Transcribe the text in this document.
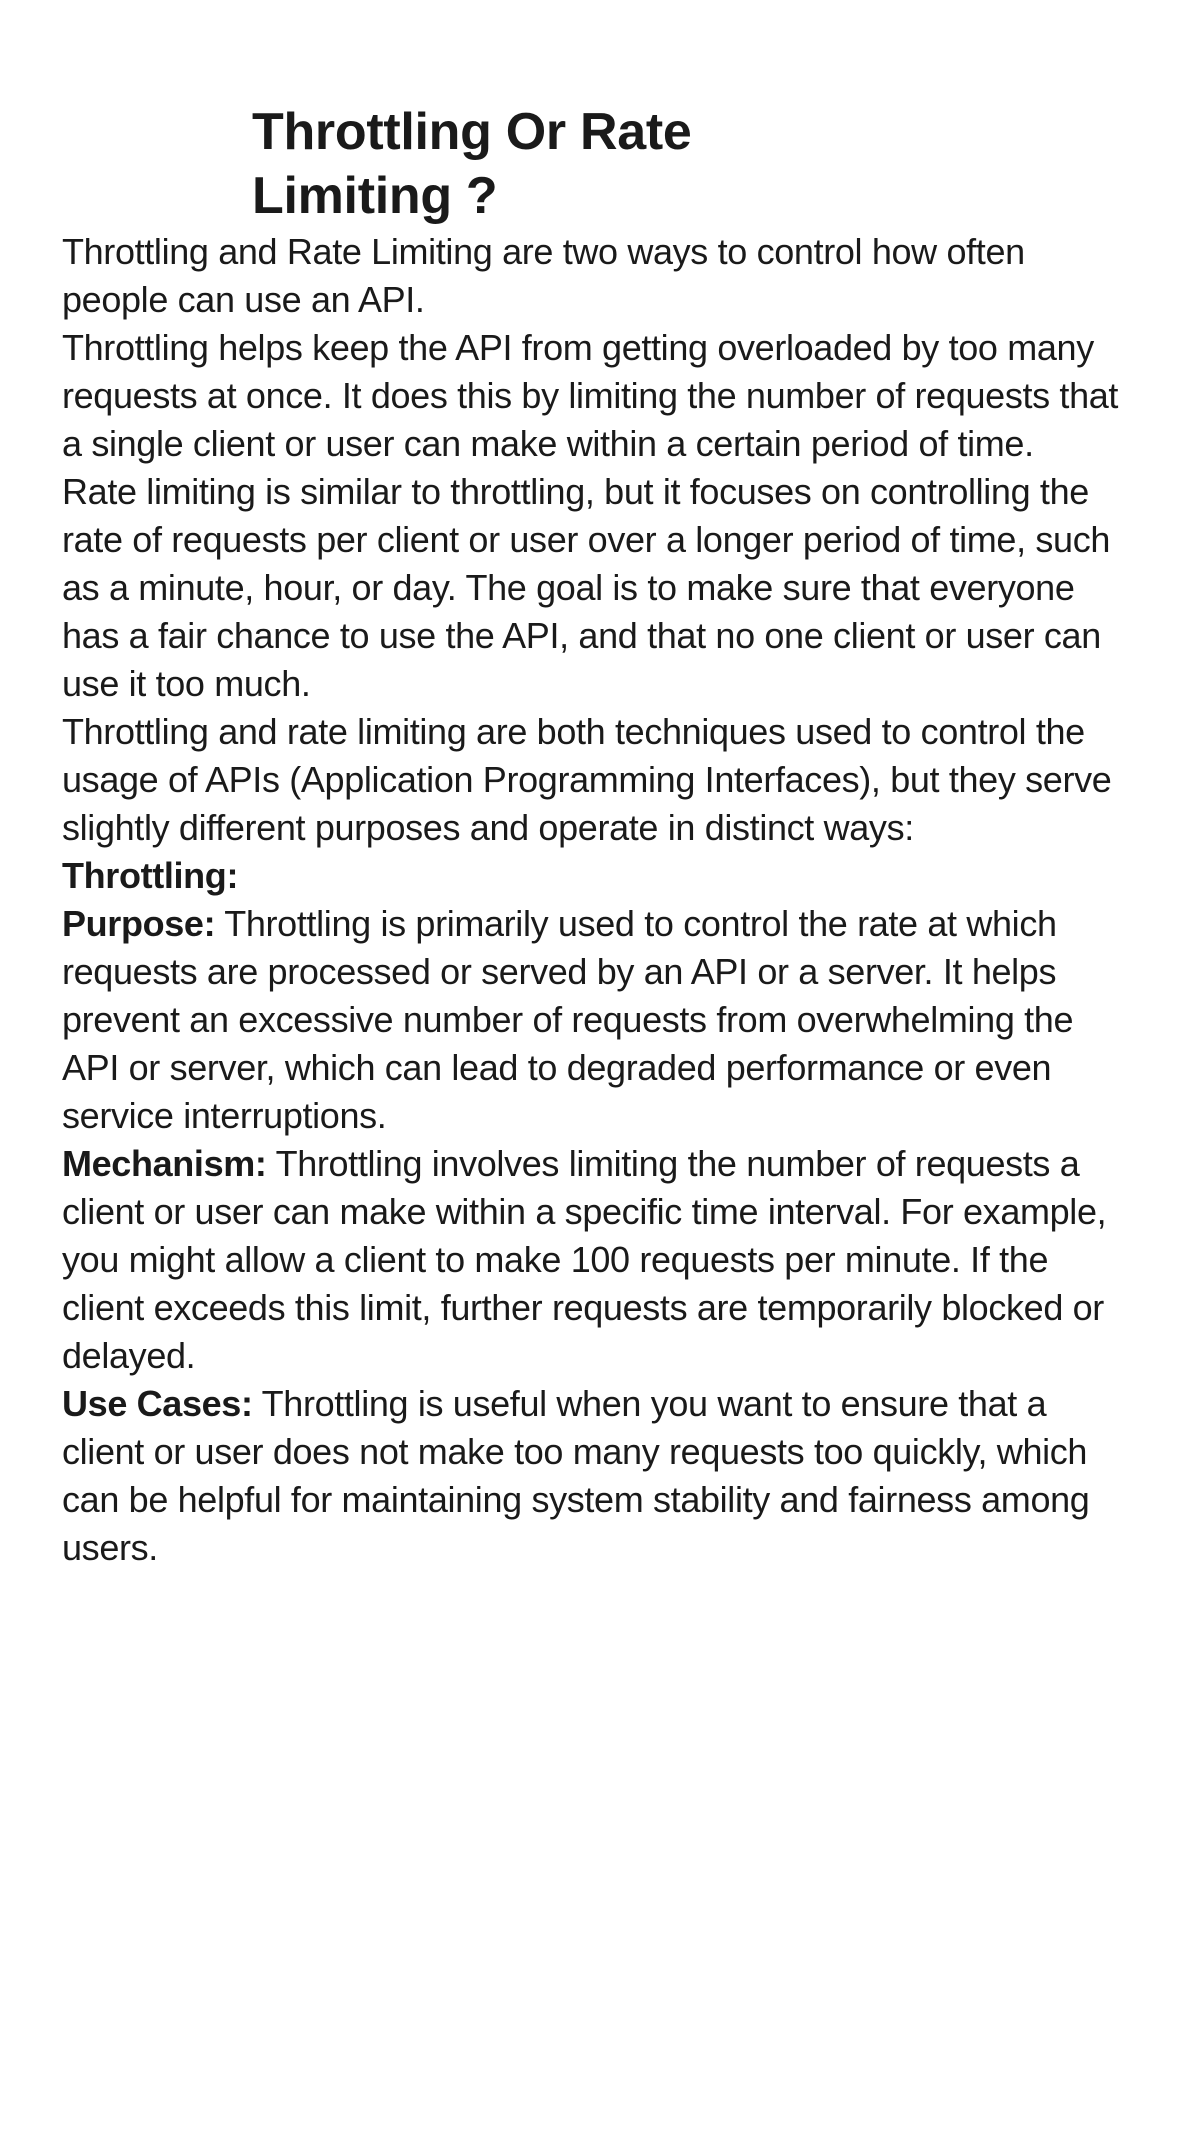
Throttling Or Rate Limiting ?

Throttling and Rate Limiting are two ways to control how often people can use an API.

Throttling helps keep the API from getting overloaded by too many requests at once. It does this by limiting the number of requests that a single client or user can make within a certain period of time.

Rate limiting is similar to throttling, but it focuses on controlling the rate of requests per client or user over a longer period of time, such as a minute, hour, or day. The goal is to make sure that everyone has a fair chance to use the API, and that no one client or user can use it too much.

Throttling and rate limiting are both techniques used to control the usage of APIs (Application Programming Interfaces), but they serve slightly different purposes and operate in distinct ways:

Throttling:

Purpose: Throttling is primarily used to control the rate at which requests are processed or served by an API or a server. It helps prevent an excessive number of requests from overwhelming the API or server, which can lead to degraded performance or even service interruptions.

Mechanism: Throttling involves limiting the number of requests a client or user can make within a specific time interval. For example, you might allow a client to make 100 requests per minute. If the client exceeds this limit, further requests are temporarily blocked or delayed.

Use Cases: Throttling is useful when you want to ensure that a client or user does not make too many requests too quickly, which can be helpful for maintaining system stability and fairness among users.
